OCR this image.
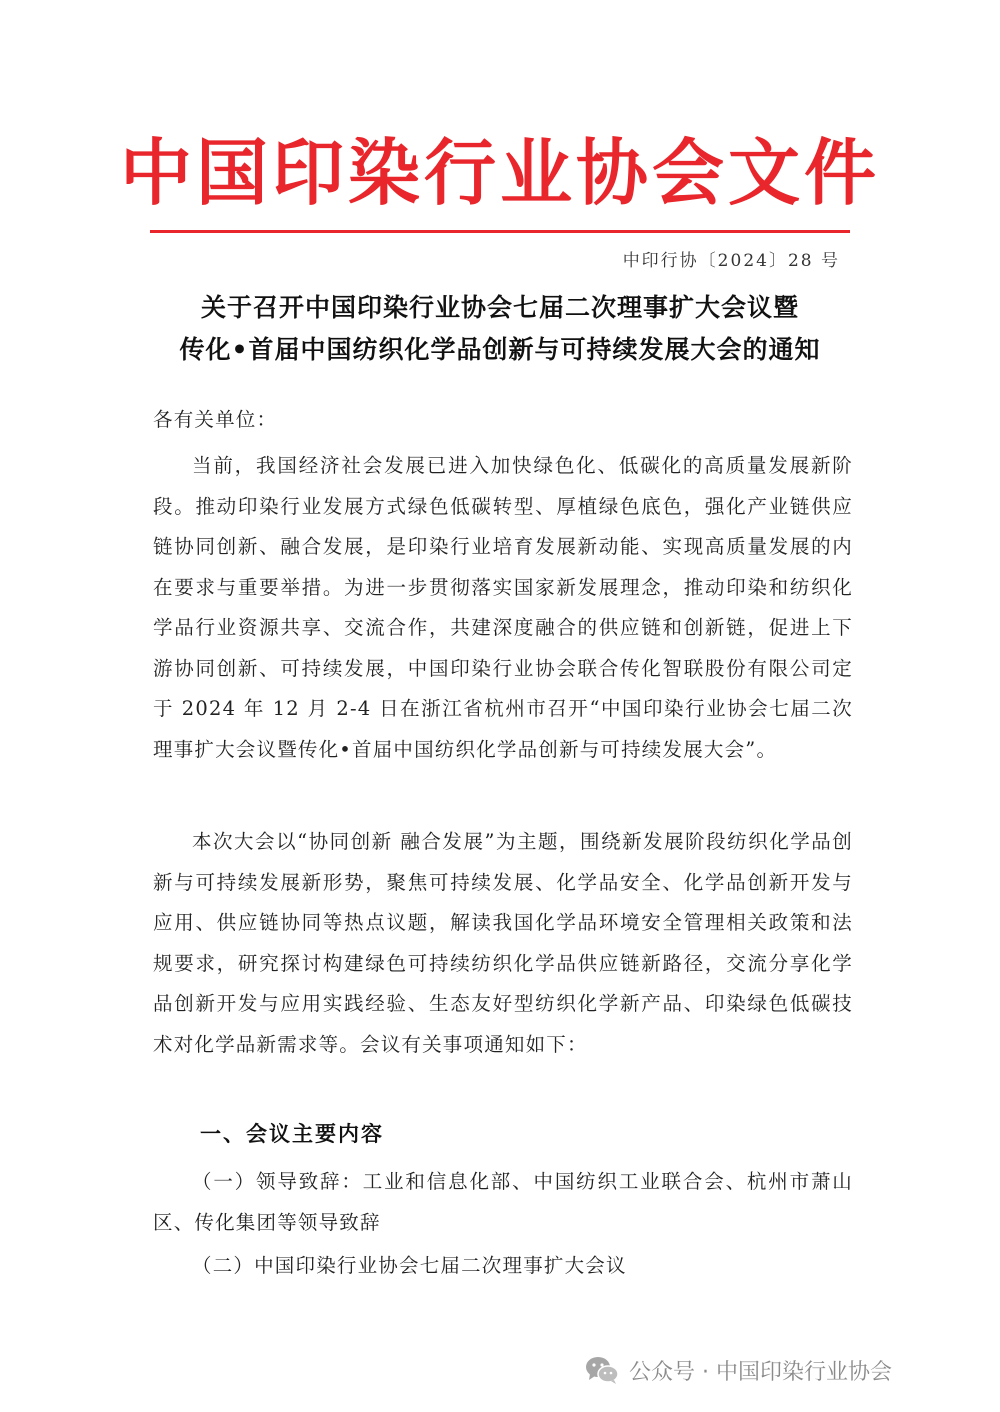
中国印染行业协会文件
中印行协〔2024〕28 号
关于召开中国印染行业协会七届二次理事扩大会议暨
传化•首届中国纺织化学品创新与可持续发展大会的通知
各有关单位：
当前，我国经济社会发展已进入加快绿色化、低碳化的高质量发展新阶段。推动印染行业发展方式绿色低碳转型、厚植绿色底色，强化产业链供应链协同创新、融合发展，是印染行业培育发展新动能、实现高质量发展的内在要求与重要举措。为进一步贯彻落实国家新发展理念，推动印染和纺织化学品行业资源共享、交流合作，共建深度融合的供应链和创新链，促进上下游协同创新、可持续发展，中国印染行业协会联合传化智联股份有限公司定于 2024 年 12 月 2-4 日在浙江省杭州市召开“中国印染行业协会七届二次理事扩大会议暨传化•首届中国纺织化学品创新与可持续发展大会”。
本次大会以“协同创新 融合发展”为主题，围绕新发展阶段纺织化学品创新与可持续发展新形势，聚焦可持续发展、化学品安全、化学品创新开发与应用、供应链协同等热点议题，解读我国化学品环境安全管理相关政策和法规要求，研究探讨构建绿色可持续纺织化学品供应链新路径，交流分享化学品创新开发与应用实践经验、生态友好型纺织化学新产品、印染绿色低碳技术对化学品新需求等。会议有关事项通知如下：
一、会议主要内容
（一）领导致辞：工业和信息化部、中国纺织工业联合会、杭州市萧山区、传化集团等领导致辞
（二）中国印染行业协会七届二次理事扩大会议
公众号 · 中国印染行业协会
